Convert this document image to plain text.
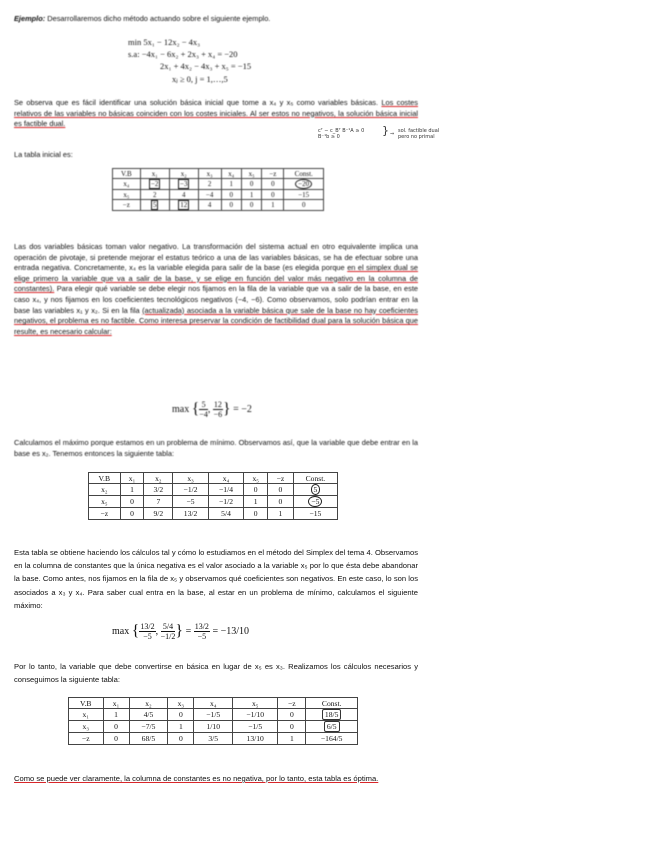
Ejemplo: Desarrollaremos dicho método actuando sobre el siguiente ejemplo.

min 5x₁ − 12x₂ − 4x₃
s.a: −4x₁ − 6x₂ + 2x₃ + x₄ = −20
2x₁ + 4x₂ − 4x₃ + x₅ = −15
xⱼ ≥ 0, j = 1,…,5

Se observa que es fácil identificar una solución básica inicial que tome a x₄ y x₅ como variables básicas. Los costes relativos de las variables no básicas coinciden con los costes iniciales. Al ser estos no negativos, la solución básica inicial es factible dual.

cᵀ − c_Bᵀ B⁻¹A ≥ 0
B⁻¹b ≥ 0	} ⇒ sol. factible dual
pero no primal

La tabla inicial es:

V.B	x₁	x₂	x₃	x₄	x₅	−z	Const.
x₄	−2	−3	2	1	0	0	−20
x₅	2	4	−4	0	1	0	−15
−z	5	12	4	0	0	1	0

Las dos variables básicas toman valor negativo. La transformación del sistema actual en otro equivalente implica una operación de pivotaje, si pretende mejorar el estatus teórico a una de las variables básicas, se ha de efectuar sobre una entrada negativa. Concretamente, x₄ es la variable elegida para salir de la base (es elegida porque en el simplex dual se elige primero la variable que va a salir de la base, y se elige en función del valor más negativo en la columna de constantes). Para elegir qué variable se debe elegir nos fijamos en la fila de la variable que va a salir de la base, en este caso x₄, y nos fijamos en los coeficientes tecnológicos negativos (−4, −6). Como observamos, solo podrían entrar en la base las variables x₁ y x₂. Si en la fila (actualizada) asociada a la variable básica que sale de la base no hay coeficientes negativos, el problema es no factible. Como interesa preservar la condición de factibilidad dual para la solución básica que resulte, es necesario calcular:

max { $\frac{5}{-4}$ , $\frac{12}{-6}$ } = −2

Calculamos el máximo porque estamos en un problema de mínimo. Observamos así, que la variable que debe entrar en la base es x₂. Tenemos entonces la siguiente tabla:

V.B	x₁	x₂	x₃	x₄	x₅	−z	Const.
x₂	1	3/2	−1/2	−1/4	0	0	5
x₅	0	7	−5	−1/2	1	0	−5
−z	0	9/2	13/2	5/4	0	1	−15

Esta tabla se obtiene haciendo los cálculos tal y cómo lo estudiamos en el método del Simplex del tema 4. Observamos en la columna de constantes que la única negativa es el valor asociado a la variable x₅ por lo que ésta debe abandonar la base. Como antes, nos fijamos en la fila de x₅ y observamos qué coeficientes son negativos. En este caso, lo son los asociados a x₃ y x₄. Para saber cual entra en la base, al estar en un problema de mínimo, calculamos el siguiente máximo:

max { $\frac{13/2}{-5}$ , $\frac{5/4}{-1/2}$ } = $\frac{13/2}{-5} = -13/10$

Por lo tanto, la variable que debe convertirse en básica en lugar de x₅ es x₃. Realizamos los cálculos necesarios y conseguimos la siguiente tabla:

V.B	x₁	x₂	x₃	x₄	x₅	−z	Const.
x₁	1	4/5	0	−1/5	−1/10	0	18/5
x₃	0	−7/5	1	1/10	−1/5	0	6/5
−z	0	68/5	0	3/5	13/10	1	−164/5

Como se puede ver claramente, la columna de constantes es no negativa, por lo tanto, esta tabla es óptima.
